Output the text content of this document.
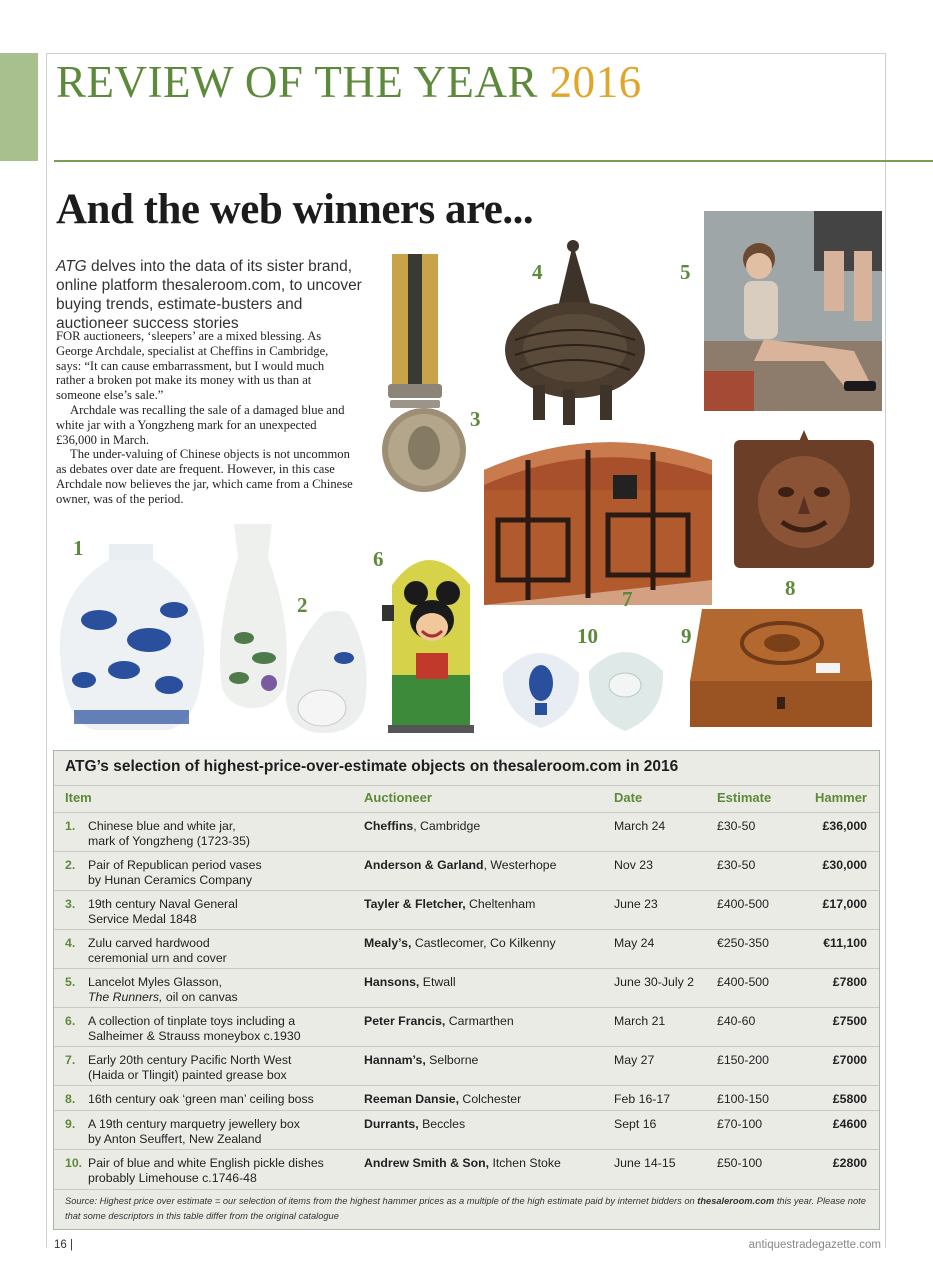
REVIEW OF THE YEAR 2016
And the web winners are...
ATG delves into the data of its sister brand, online platform thesaleroom.com, to uncover buying trends, estimate-busters and auctioneer success stories

FOR auctioneers, ‘sleepers’ are a mixed blessing. As George Archdale, specialist at Cheffins in Cambridge, says: “It can cause embarrassment, but I would much rather a broken pot make its money with us than at someone else’s sale.”

Archdale was recalling the sale of a damaged blue and white jar with a Yongzheng mark for an unexpected £36,000 in March.

The under-valuing of Chinese objects is not uncommon as debates over date are frequent. However, in this case Archdale now believes the jar, which came from a Chinese owner, was of the period.

1
2
3
4	5
6
7	8
9
10
ATG’s selection of highest-price-over-estimate objects on thesaleroom.com in 2016
Item	Auctioneer	Date	Estimate	Hammer
1. Chinese blue and white jar,
mark of Yongzheng (1723-35)
Cheffins, Cambridge	March 24	£30-50	£36,000
2. Pair of Republican period vases
by Hunan Ceramics Company
Anderson & Garland, Westerhope	Nov 23	£30-50	£30,000
3. 19th century Naval General
Service Medal 1848
Tayler & Fletcher, Cheltenham	June 23	£400-500	£17,000
4. Zulu carved hardwood
ceremonial urn and cover
Mealy’s, Castlecomer, Co Kilkenny	May 24	€250-350	€11,100
5. Lancelot Myles Glasson,
The Runners, oil on canvas
Hansons, Etwall	June 30-July 2 £400-500	£7800
6. A collection of tinplate toys including a
Salheimer & Strauss moneybox c.1930
Peter Francis, Carmarthen	March 21	£40-60	£7500
7. Early 20th century Pacific North West
(Haida or Tlingit) painted grease box
Hannam’s, Selborne	May 27	£150-200	£7000
8. 16th century oak ‘green man’ ceiling boss	Reeman Dansie, Colchester	Feb 16-17	£100-150	£5800
9. A 19th century marquetry jewellery box
by Anton Seuffert, New Zealand
Durrants, Beccles	Sept 16	£70-100	£4600
10. Pair of blue and white English pickle dishes
probably Limehouse c.1746-48
Andrew Smith & Son, Itchen Stoke	June 14-15	£50-100	£2800
Source: Highest price over estimate = our selection of items from the highest hammer prices as a multiple of the high estimate paid by internet bidders on thesaleroom.com this year. Please note that some descriptors in this table differ from the original catalogue
16 |	antiquestradegazette.com
